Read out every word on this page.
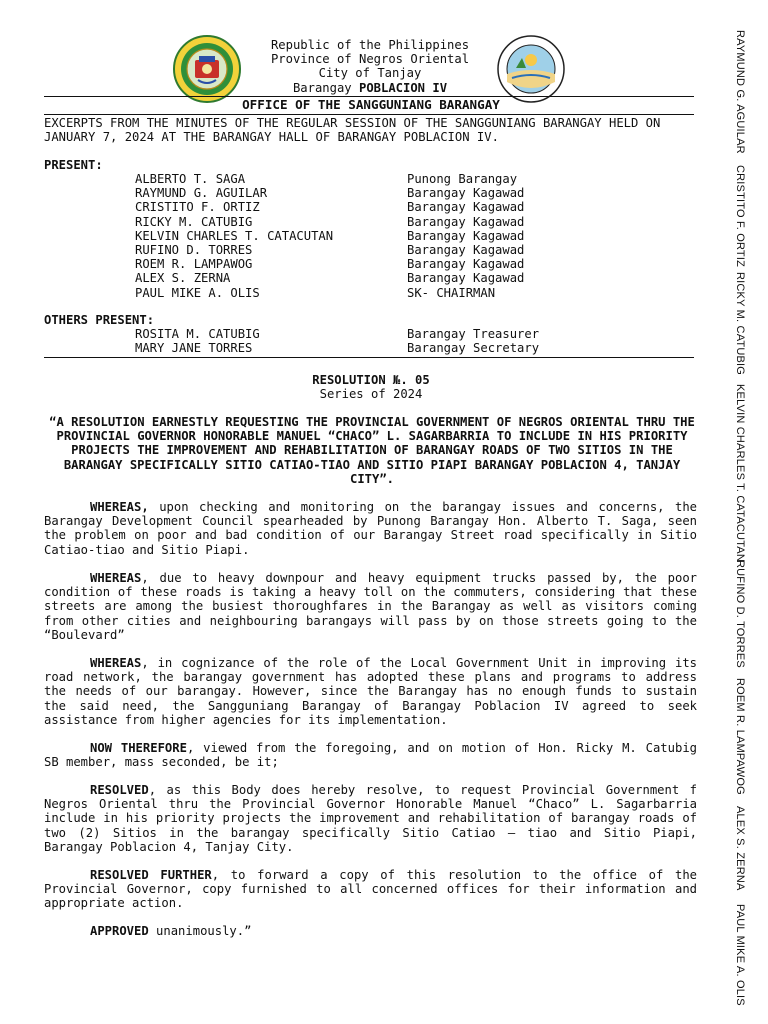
Republic of the Philippines
Province of Negros Oriental
City of Tanjay
Barangay POBLACION IV
OFFICE OF THE SANGGUNIANG BARANGAY
EXCERPTS FROM THE MINUTES OF THE REGULAR SESSION OF THE SANGGUNIANG BARANGAY HELD ON JANUARY 7, 2024 AT THE BARANGAY HALL OF BARANGAY POBLACION IV.
PRESENT:
ALBERTO T. SAGA	Punong Barangay
RAYMUND G. AGUILAR	Barangay Kagawad
CRISTITO F. ORTIZ	Barangay Kagawad
RICKY M. CATUBIG	Barangay Kagawad
KELVIN CHARLES T. CATACUTAN	Barangay Kagawad
RUFINO D. TORRES	Barangay Kagawad
ROEM R. LAMPAWOG	Barangay Kagawad
ALEX S. ZERNA	Barangay Kagawad
PAUL MIKE A. OLIS	SK- CHAIRMAN
OTHERS PRESENT:
ROSITA M. CATUBIG	Barangay Treasurer
MARY JANE TORRES	Barangay Secretary
RESOLUTION №. 05
Series of 2024
“A RESOLUTION EARNESTLY REQUESTING THE PROVINCIAL GOVERNMENT OF NEGROS ORIENTAL THRU THE PROVINCIAL GOVERNOR HONORABLE MANUEL “CHACO” L. SAGARBARRIA TO INCLUDE IN HIS PRIORITY PROJECTS THE IMPROVEMENT AND REHABILITATION OF BARANGAY ROADS OF TWO SITIOS IN THE BARANGAY SPECIFICALLY SITIO CATIAO-TIAO AND SITIO PIAPI BARANGAY POBLACION 4, TANJAY CITY”.
WHEREAS, upon checking and monitoring on the barangay issues and concerns, the Barangay Development Council spearheaded by Punong Barangay Hon. Alberto T. Saga, seen the problem on poor and bad condition of our Barangay Street road specifically in Sitio Catiao-tiao and Sitio Piapi.
WHEREAS, due to heavy downpour and heavy equipment trucks passed by, the poor condition of these roads is taking a heavy toll on the commuters, considering that these streets are among the busiest thoroughfares in the Barangay as well as visitors coming from other cities and neighbouring barangays will pass by on those streets going to the “Boulevard”
WHEREAS, in cognizance of the role of the Local Government Unit in improving its road network, the barangay government has adopted these plans and programs to address the needs of our barangay. However, since the Barangay has no enough funds to sustain the said need, the Sangguniang Barangay of Barangay Poblacion IV agreed to seek assistance from higher agencies for its implementation.
NOW THEREFORE, viewed from the foregoing, and on motion of Hon. Ricky M. Catubig SB member, mass seconded, be it;
RESOLVED, as this Body does hereby resolve, to request Provincial Government f Negros Oriental thru the Provincial Governor Honorable Manuel “Chaco” L. Sagarbarria include in his priority projects the improvement and rehabilitation of barangay roads of two (2) Sitios in the barangay specifically Sitio Catiao – tiao and Sitio Piapi, Barangay Poblacion 4, Tanjay City.
RESOLVED FURTHER, to forward a copy of this resolution to the office of the Provincial Governor, copy furnished to all concerned offices for their information and appropriate action.
APPROVED unanimously.”
RAYMUND G. AGUILAR
CRISTITO F. ORTIZ
RICKY M. CATUBIG
KELVIN CHARLES T. CATACUTAN
RUFINO D. TORRES
ROEM R. LAMPAWOG
ALEX S. ZERNA
PAUL MIKE A. OLIS
